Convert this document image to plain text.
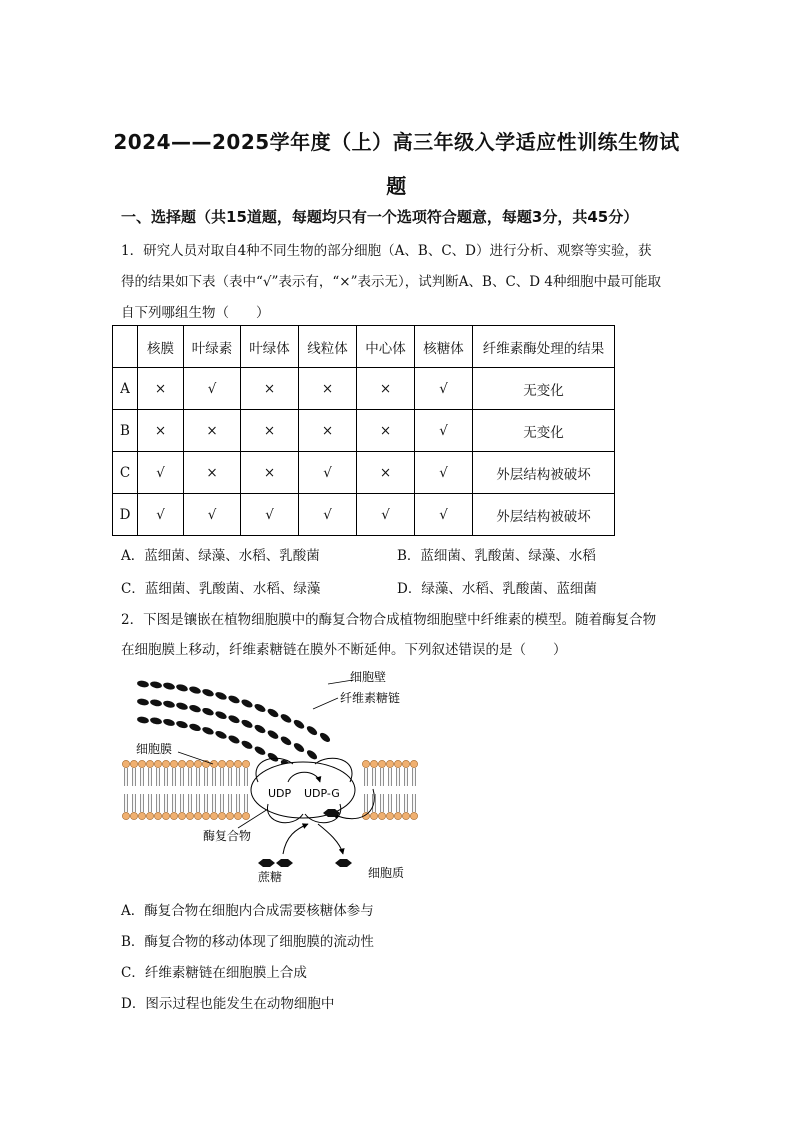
2024——2025学年度（上）高三年级入学适应性训练生物试
题
一、选择题（共15道题，每题均只有一个选项符合题意，每题3分，共45分）
1．研究人员对取自4种不同生物的部分细胞（A、B、C、D）进行分析、观察等实验，获
得的结果如下表（表中“√”表示有，“×”表示无），试判断A、B、C、D 4种细胞中最可能取
自下列哪组生物（　　）
	核膜	叶绿素	叶绿体	线粒体	中心体	核糖体	纤维素酶处理的结果
A	×	√	×	×	×	√	无变化
B	×	×	×	×	×	√	无变化
C	√	×	×	√	×	√	外层结构被破坏
D	√	√	√	√	√	√	外层结构被破坏
A．蓝细菌、绿藻、水稻、乳酸菌	B．蓝细菌、乳酸菌、绿藻、水稻
C．蓝细菌、乳酸菌、水稻、绿藻	D．绿藻、水稻、乳酸菌、蓝细菌
2．下图是镶嵌在植物细胞膜中的酶复合物合成植物细胞壁中纤维素的模型。随着酶复合物
在细胞膜上移动，纤维素糖链在膜外不断延伸。下列叙述错误的是（　　）
细胞壁
纤维素糖链
细胞膜
UDP UDP-G
酶复合物
蔗糖	细胞质
A．酶复合物在细胞内合成需要核糖体参与
B．酶复合物的移动体现了细胞膜的流动性
C．纤维素糖链在细胞膜上合成
D．图示过程也能发生在动物细胞中
